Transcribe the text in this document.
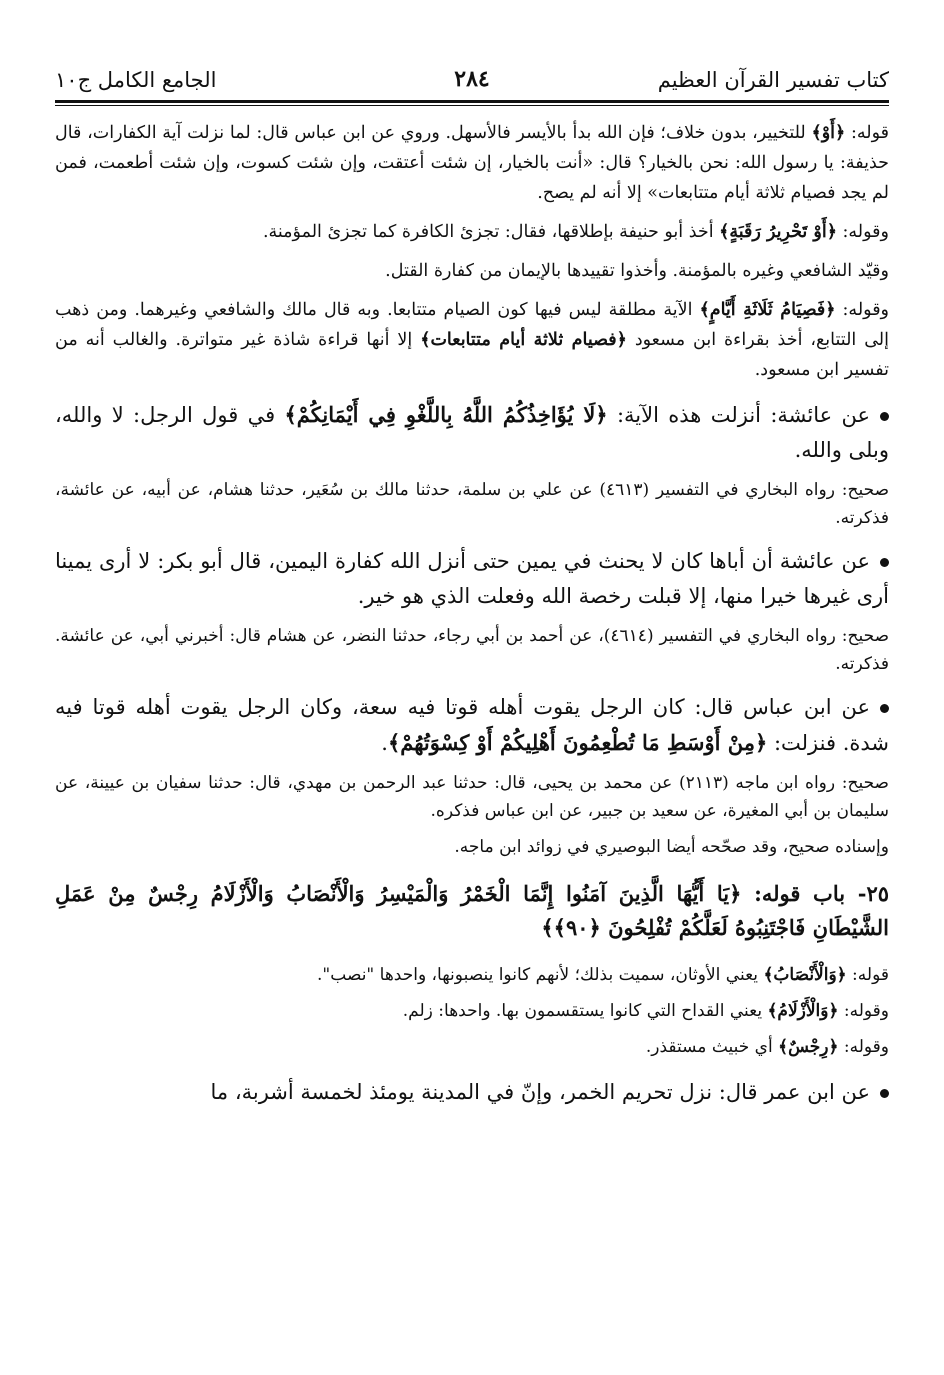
كتاب تفسير القرآن العظيم
٢٨٤
الجامع الكامل ج١٠
قوله: ﴿أَوْ﴾ للتخيير، بدون خلاف؛ فإن الله بدأ بالأيسر فالأسهل. وروي عن ابن عباس قال: لما نزلت آية الكفارات، قال حذيفة: يا رسول الله: نحن بالخيار؟ قال: «أنت بالخيار، إن شئت أعتقت، وإن شئت كسوت، وإن شئت أطعمت، فمن لم يجد فصيام ثلاثة أيام متتابعات» إلا أنه لم يصح.
وقوله: ﴿أَوْ تَحْرِيرُ رَقَبَةٍ﴾ أخذ أبو حنيفة بإطلاقها، فقال: تجزئ الكافرة كما تجزئ المؤمنة.
وقيّد الشافعي وغيره بالمؤمنة. وأخذوا تقييدها بالإيمان من كفارة القتل.
وقوله: ﴿فَصِيَامُ ثَلَاثَةِ أَيَّامٍ﴾ الآية مطلقة ليس فيها كون الصيام متتابعا. وبه قال مالك والشافعي وغيرهما. ومن ذهب إلى التتابع، أخذ بقراءة ابن مسعود ﴿فصيام ثلاثة أيام متتابعات﴾ إلا أنها قراءة شاذة غير متواترة. والغالب أنه من تفسير ابن مسعود.
عن عائشة: أنزلت هذه الآية: ﴿لَا يُؤَاخِذُكُمُ اللَّهُ بِاللَّغْوِ فِي أَيْمَانِكُمْ﴾ في قول الرجل: لا والله، وبلى والله.
صحيح: رواه البخاري في التفسير (٤٦١٣) عن علي بن سلمة، حدثنا مالك بن سُعَير، حدثنا هشام، عن أبيه، عن عائشة، فذكرته.
عن عائشة أن أباها كان لا يحنث في يمين حتى أنزل الله كفارة اليمين، قال أبو بكر: لا أرى يمينا أرى غيرها خيرا منها، إلا قبلت رخصة الله وفعلت الذي هو خير.
صحيح: رواه البخاري في التفسير (٤٦١٤)، عن أحمد بن أبي رجاء، حدثنا النضر، عن هشام قال: أخبرني أبي، عن عائشة. فذكرته.
عن ابن عباس قال: كان الرجل يقوت أهله قوتا فيه سعة، وكان الرجل يقوت أهله قوتا فيه شدة. فنزلت: ﴿مِنْ أَوْسَطِ مَا تُطْعِمُونَ أَهْلِيكُمْ أَوْ كِسْوَتُهُمْ﴾.
صحيح: رواه ابن ماجه (٢١١٣) عن محمد بن يحيى، قال: حدثنا عبد الرحمن بن مهدي، قال: حدثنا سفيان بن عيينة، عن سليمان بن أبي المغيرة، عن سعيد بن جبير، عن ابن عباس فذكره.
وإسناده صحيح، وقد صحّحه أيضا البوصيري في زوائد ابن ماجه.
٢٥- باب قوله: ﴿يَا أَيُّهَا الَّذِينَ آمَنُوا إِنَّمَا الْخَمْرُ وَالْمَيْسِرُ وَالْأَنْصَابُ وَالْأَزْلَامُ رِجْسٌ مِنْ عَمَلِ الشَّيْطَانِ فَاجْتَنِبُوهُ لَعَلَّكُمْ تُفْلِحُونَ ﴿٩٠﴾﴾
قوله: ﴿وَالْأَنْصَابُ﴾ يعني الأوثان، سميت بذلك؛ لأنهم كانوا ينصبونها، واحدها "نصب".
وقوله: ﴿وَالْأَزْلَامُ﴾ يعني القداح التي كانوا يستقسمون بها. واحدها: زلم.
وقوله: ﴿رِجْسٌ﴾ أي خبيث مستقذر.
عن ابن عمر قال: نزل تحريم الخمر، وإنّ في المدينة يومئذ لخمسة أشربة، ما
